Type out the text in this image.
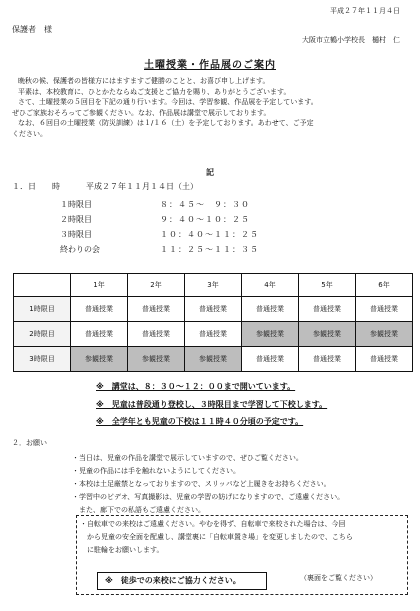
平成２７年１１月４日
保護者　様
大阪市立鶴小学校長　樋村　仁
土曜授業・作品展のご案内
晩秋の候、保護者の皆様方にはますますご健勝のことと、お喜び申し上げます。
平素は、本校教育に、ひとかたならぬご支援とご協力を賜り、ありがとうございます。
さて、土曜授業の５回目を下記の通り行います。今回は、学習参観、作品展を予定しています。
ぜひご家族おそろってご参観ください。なお、作品展は講堂で展示しております。
なお、６回目の土曜授業（防災訓練）は１/１６（土）を予定しております。あわせて、ご予定
ください。
記
１．日　　時	平成２７年１１月１４日（土）
１時限目	８：４５～　９：３０
２時限目	９：４０～１０：２５
３時限目	１０：４０～１１：２５
終わりの会	１１：２５～１１：３５
	1年	2年	3年	4年	5年	6年
1時限目	普通授業	普通授業	普通授業	普通授業	普通授業	普通授業
2時限目	普通授業	普通授業	普通授業	参観授業	参観授業	参観授業
3時限目	参観授業	参観授業	参観授業	普通授業	普通授業	普通授業
※　講堂は、８：３０～１２：００まで開いています。
※　児童は普段通り登校し、３時限目まで学習して下校します。
※　全学年とも児童の下校は１１時４０分頃の予定です。
２．お願い
・当日は、児童の作品を講堂で展示していますので、ぜひご覧ください。
・児童の作品には手を触れないようにしてください。
・本校は土足厳禁となっておりますので、スリッパなど上履きをお持ちください。
・学習中のビデオ、写真撮影は、児童の学習の妨げになりますので、ご遠慮ください。
　また、廊下での私語もご遠慮ください。
・自転車での来校はご遠慮ください。やむを得ず、自転車で来校された場合は、今回
　から児童の安全面を配慮し、講堂裏に「自転車置き場」を変更しましたので、こちら
　に駐輪をお願いします。
※　徒歩での来校にご協力ください。	（裏面をご覧ください）
